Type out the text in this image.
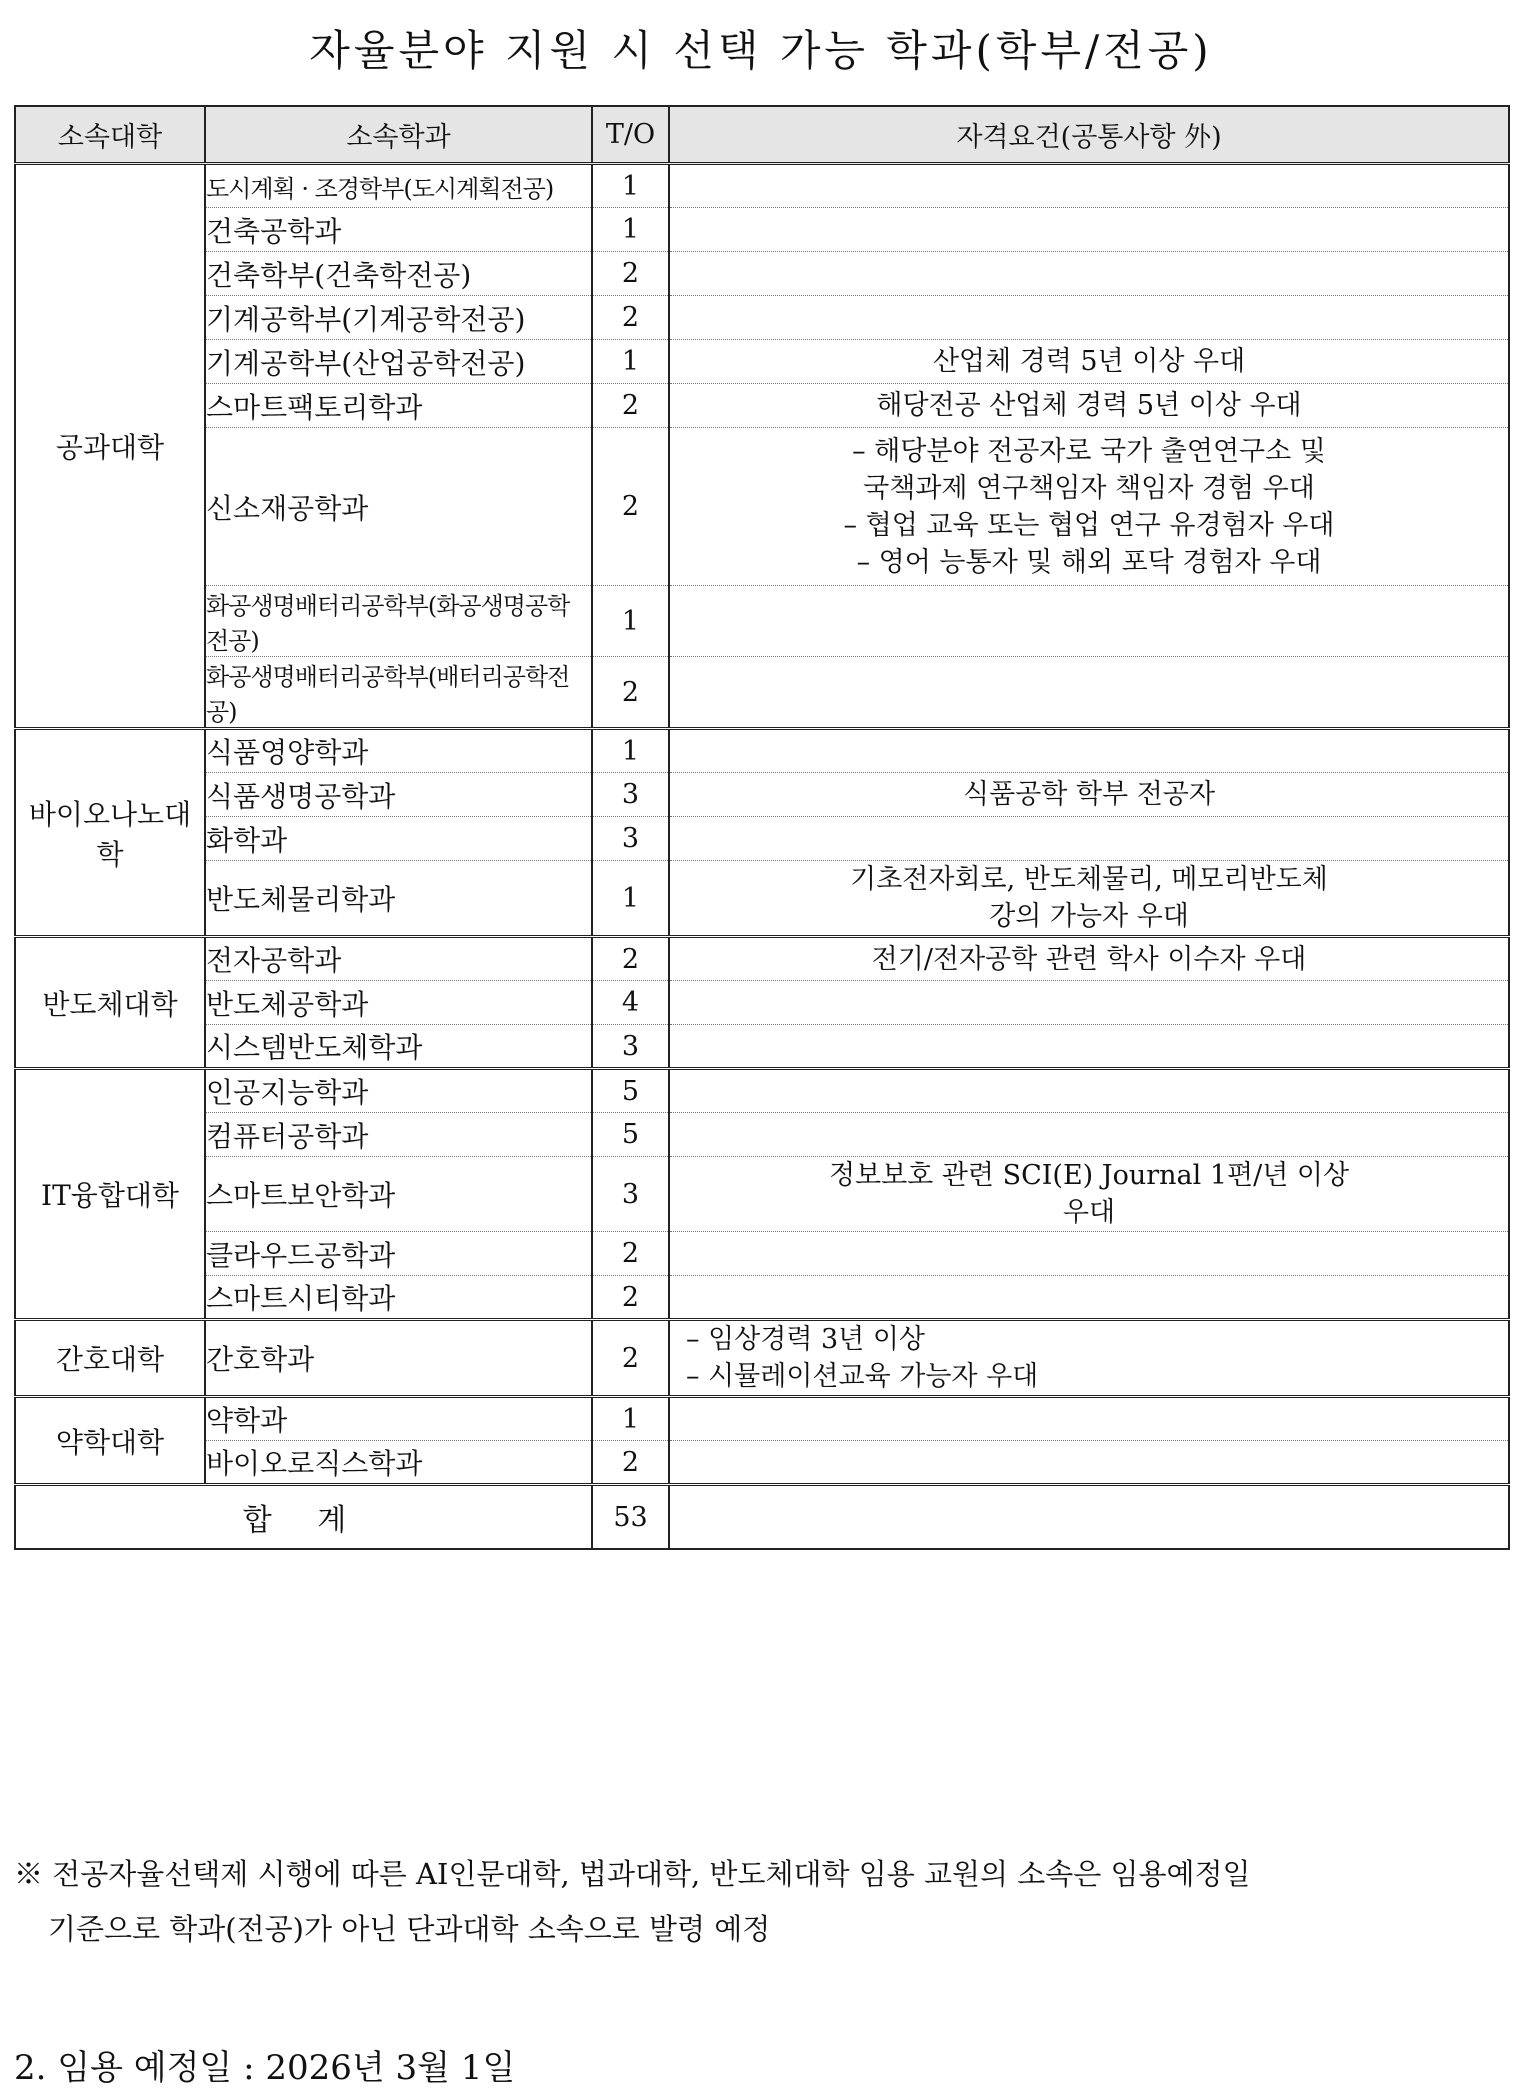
자율분야 지원 시 선택 가능 학과(학부/전공)
소속대학	소속학과	T/O	자격요건(공통사항 外)
공과대학	도시계획 · 조경학부(도시계획전공)	1	
	건축공학과	1	
	건축학부(건축학전공)	2	
	기계공학부(기계공학전공)	2	
	기계공학부(산업공학전공)	1	산업체 경력 5년 이상 우대

	스마트팩토리학과	2	해당전공 산업체 경력 5년 이상 우대

	신소재공학과	2	– 해당분야 전공자로 국가 출연연구소 및
국책과제 연구책임자 책임자 경험 우대
– 협업 교육 또는 협업 연구 유경험자 우대
– 영어 능통자 및 해외 포닥 경험자 우대

	화공생명배터리공학부(화공생명공학전공)	1	
	화공생명배터리공학부(배터리공학전공)	2	
바이오나노대학	식품영양학과	1	
	식품생명공학과	3	식품공학 학부 전공자

	화학과	3	
	반도체물리학과	1	기초전자회로, 반도체물리, 메모리반도체
강의 가능자 우대

반도체대학	전자공학과	2	전기/전자공학 관련 학사 이수자 우대

	반도체공학과	4	
	시스템반도체학과	3	
IT융합대학	인공지능학과	5	
	컴퓨터공학과	5	
	스마트보안학과	3	정보보호 관련 SCI(E) Journal 1편/년 이상
우대

	클라우드공학과	2	
	스마트시티학과	2	
간호대학	간호학과	2	– 임상경력 3년 이상
– 시뮬레이션교육 가능자 우대

약학대학	약학과	1	
	바이오로직스학과	2	
합 계		53	
※ 전공자율선택제 시행에 따른 AI인문대학, 법과대학, 반도체대학 임용 교원의 소속은 임용예정일
기준으로 학과(전공)가 아닌 단과대학 소속으로 발령 예정
2. 임용 예정일 : 2026년 3월 1일
